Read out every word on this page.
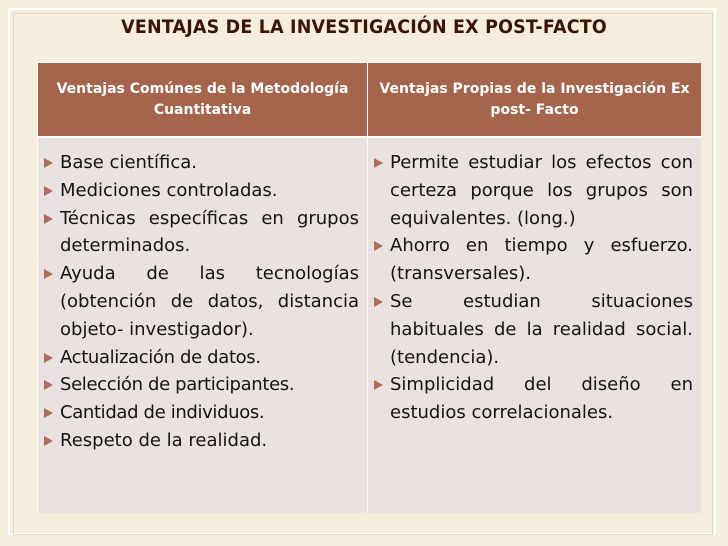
VENTAJAS DE LA INVESTIGACIÓN EX POST-FACTO
Ventajas Comúnes de la Metodología Cuantitativa
Ventajas Propias de la Investigación Ex post- Facto
Base científica.
Mediciones controladas.
Técnicas específicas en grupos determinados.
Ayuda de las tecnologías (obtención de datos, distancia objeto- investigador).
Actualización de datos.
Selección de participantes.
Cantidad de individuos.
Respeto de la realidad.
Permite estudiar los efectos con certeza porque los grupos son equivalentes. (long.)
Ahorro en tiempo y esfuerzo. (transversales).
Se estudian situaciones habituales de la realidad social. (tendencia).
Simplicidad del diseño en estudios correlacionales.
